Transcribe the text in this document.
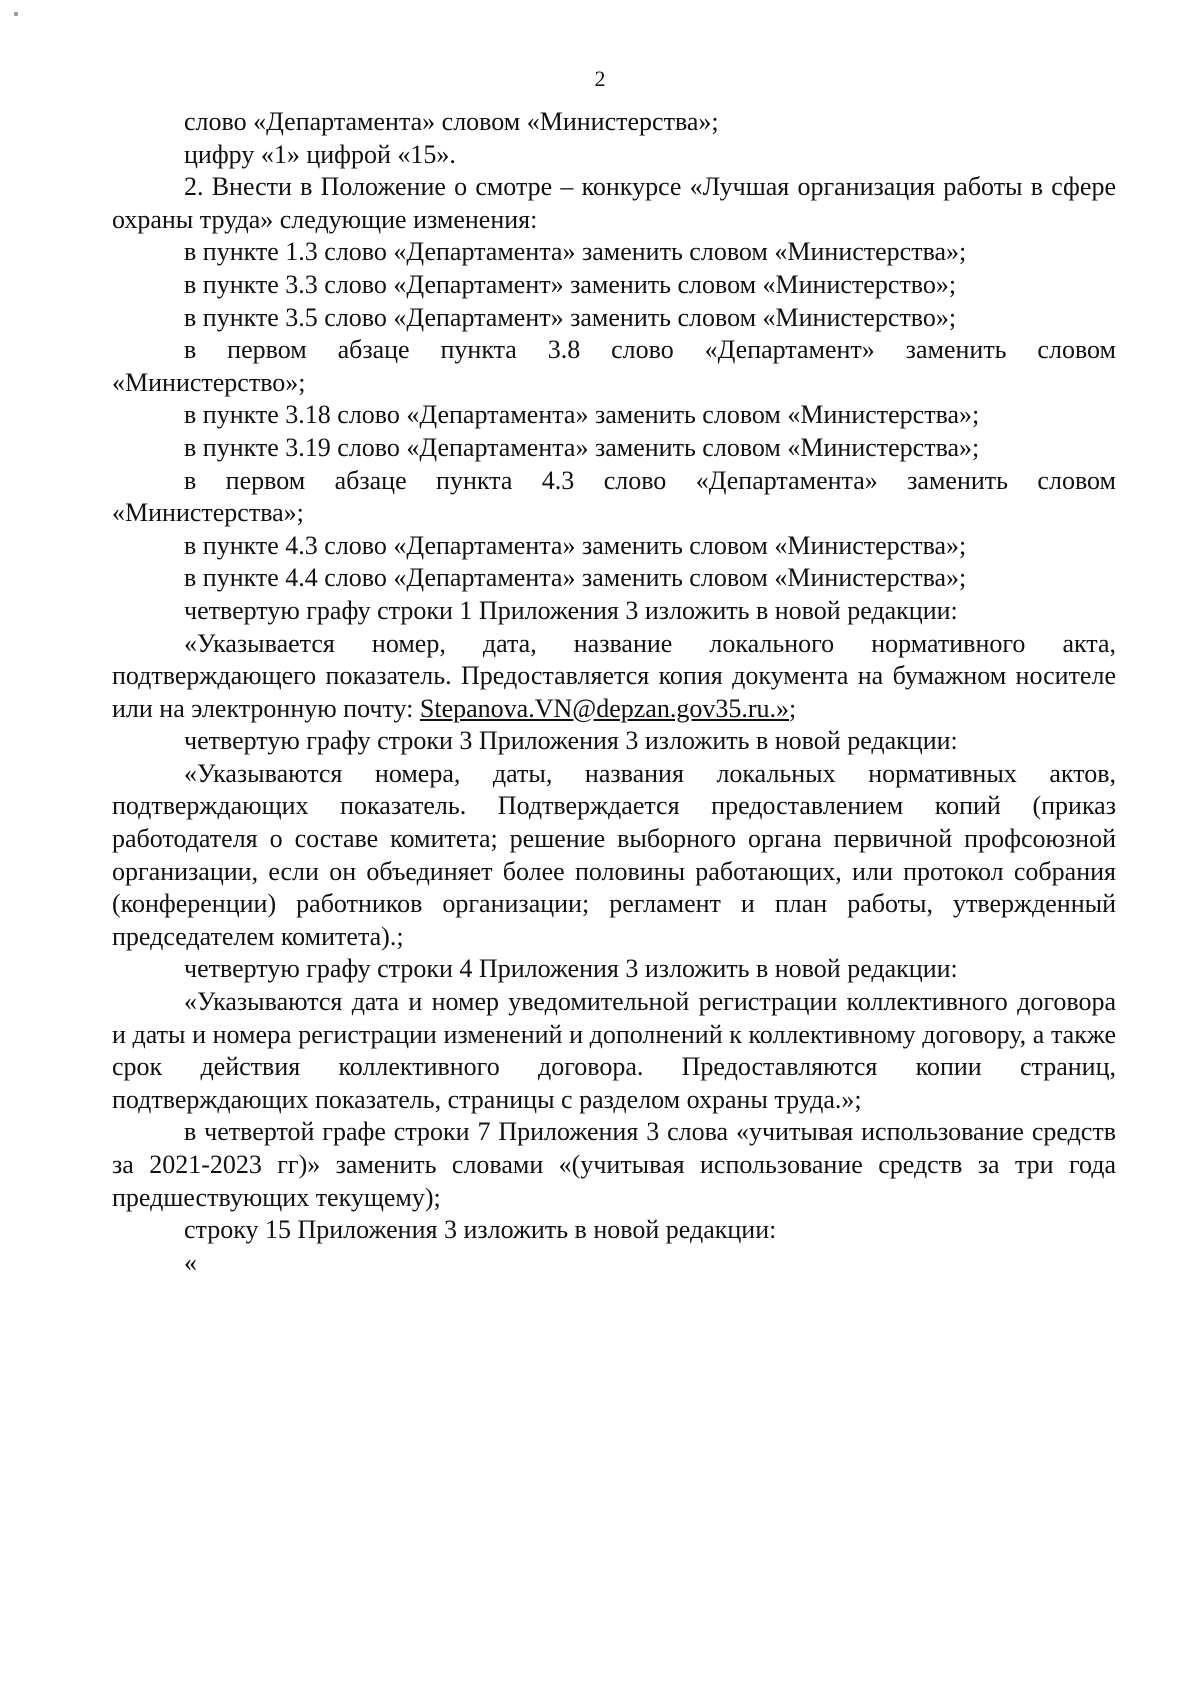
2

слово «Департамента» словом «Министерства»;

цифру «1» цифрой «15».

2. Внести в Положение о смотре – конкурсе «Лучшая организация работы в сфере охраны труда» следующие изменения:

в пункте 1.3 слово «Департамента» заменить словом «Министерства»;

в пункте 3.3 слово «Департамент» заменить словом «Министерство»;

в пункте 3.5 слово «Департамент» заменить словом «Министерство»;

в первом абзаце пункта 3.8 слово «Департамент» заменить словом «Министерство»;

в пункте 3.18 слово «Департамента» заменить словом «Министерства»;

в пункте 3.19 слово «Департамента» заменить словом «Министерства»;

в первом абзаце пункта 4.3 слово «Департамента» заменить словом «Министерства»;

в пункте 4.3 слово «Департамента» заменить словом «Министерства»;

в пункте 4.4 слово «Департамента» заменить словом «Министерства»;

четвертую графу строки 1 Приложения 3 изложить в новой редакции:

«Указывается номер, дата, название локального нормативного акта, подтверждающего показатель. Предоставляется копия документа на бумажном носителе или на электронную почту: Stepanova.VN@depzan.gov35.ru.»;

четвертую графу строки 3 Приложения 3 изложить в новой редакции:

«Указываются номера, даты, названия локальных нормативных актов, подтверждающих показатель. Подтверждается предоставлением копий (приказ работодателя о составе комитета; решение выборного органа первичной профсоюзной организации, если он объединяет более половины работающих, или протокол собрания (конференции) работников организации; регламент и план работы, утвержденный председателем комитета).;

четвертую графу строки 4 Приложения 3 изложить в новой редакции:

«Указываются дата и номер уведомительной регистрации коллективного договора и даты и номера регистрации изменений и дополнений к коллективному договору, а также срок действия коллективного договора. Предоставляются копии страниц, подтверждающих показатель, страницы с разделом охраны труда.»;

в четвертой графе строки 7 Приложения 3 слова «учитывая использование средств за 2021-2023 гг)» заменить словами «(учитывая использование средств за три года предшествующих текущему);

строку 15 Приложения 3 изложить в новой редакции:

«
